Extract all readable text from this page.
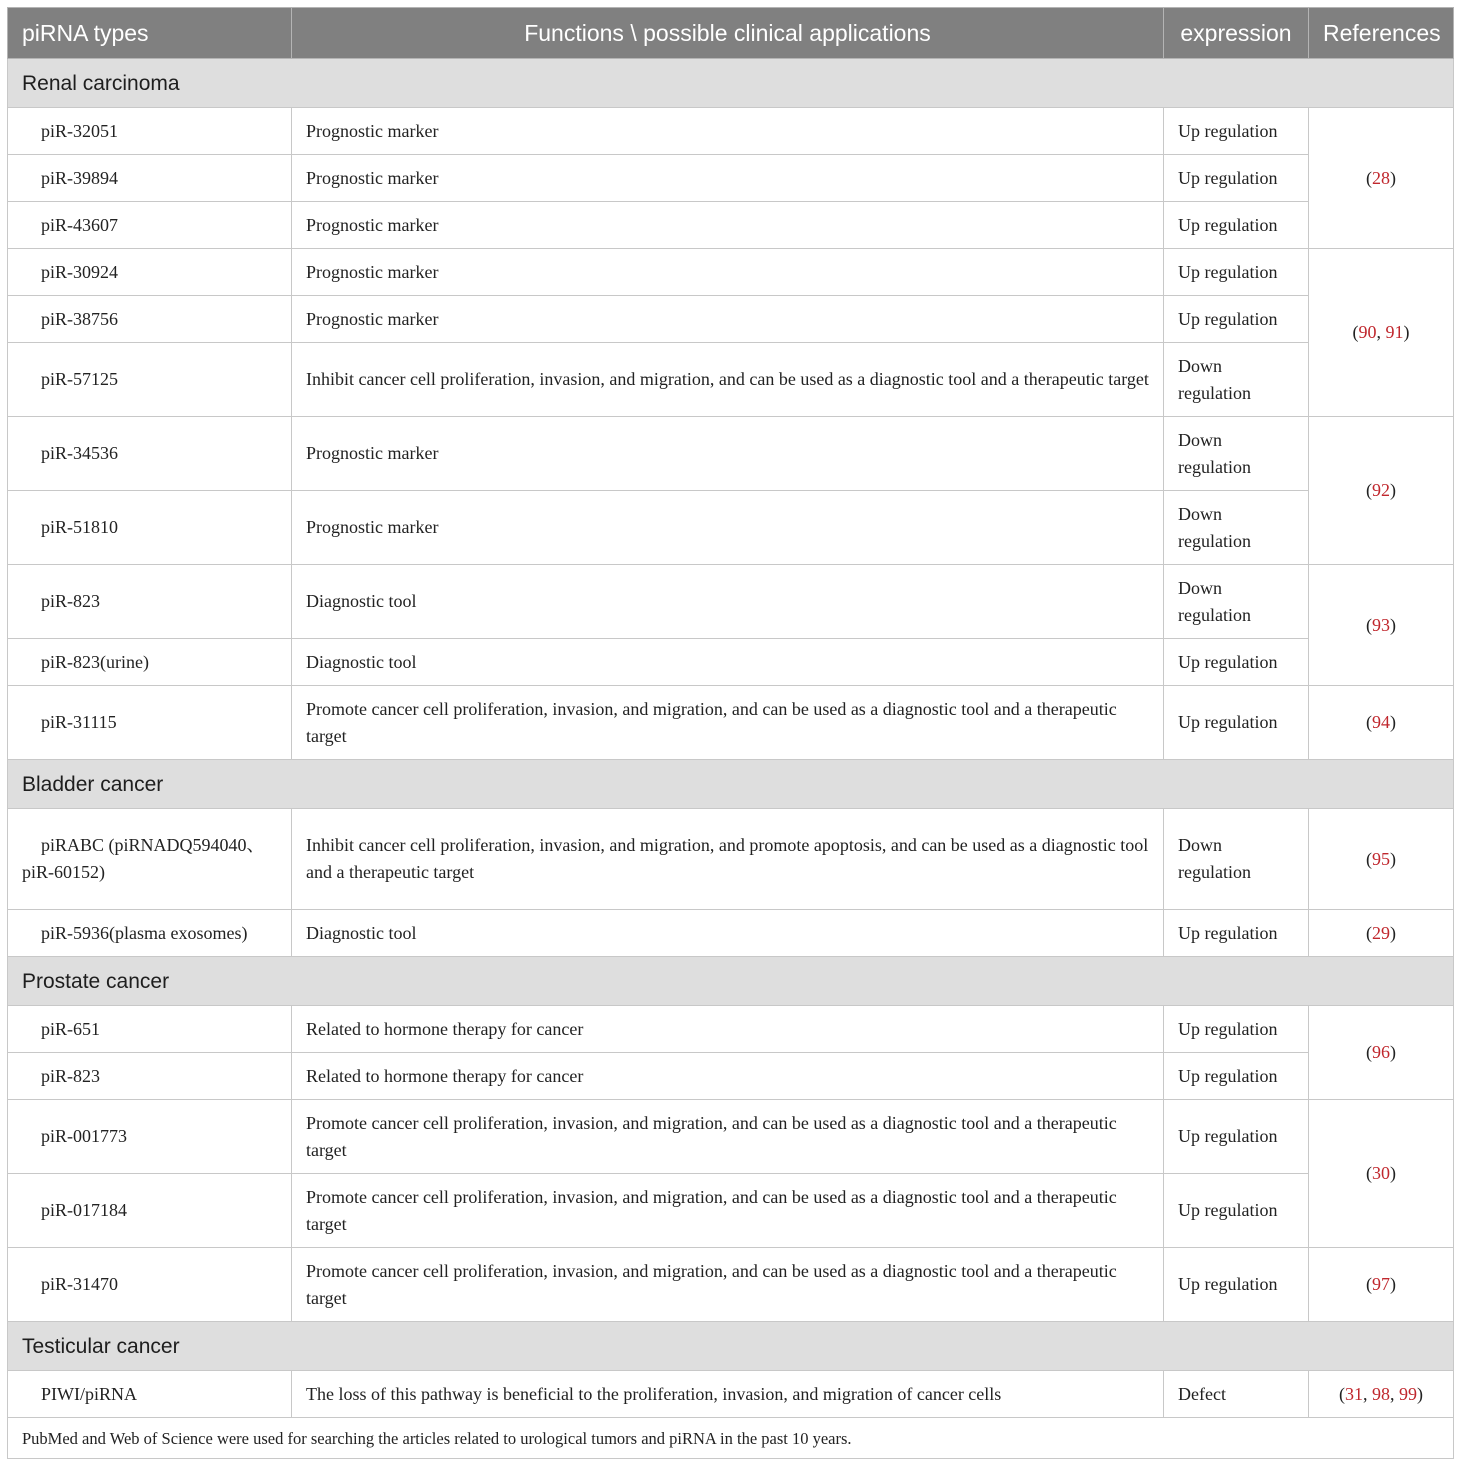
piRNA types	Functions \ possible clinical applications	expression	References
Renal carcinoma			
piR-32051	Prognostic marker	Up regulation	(28)
piR-39894	Prognostic marker	Up regulation	
piR-43607	Prognostic marker	Up regulation	
piR-30924	Prognostic marker	Up regulation	(90, 91)
piR-38756	Prognostic marker	Up regulation	
piR-57125	Inhibit cancer cell proliferation, invasion, and migration, and can be used as a diagnostic tool and a therapeutic target	Down regulation	
piR-34536	Prognostic marker	Down regulation	(92)
piR-51810	Prognostic marker	Down regulation	
piR-823	Diagnostic tool	Down regulation	(93)
piR-823(urine)	Diagnostic tool	Up regulation	
piR-31115	Promote cancer cell proliferation, invasion, and migration, and can be used as a diagnostic tool and a therapeutic target	Up regulation	(94)
Bladder cancer			
piRABC (piRNADQ594040、piR-60152)	Inhibit cancer cell proliferation, invasion, and migration, and promote apoptosis, and can be used as a diagnostic tool and a therapeutic target	Down regulation	(95)
piR-5936(plasma exosomes)	Diagnostic tool	Up regulation	(29)
Prostate cancer			
piR-651	Related to hormone therapy for cancer	Up regulation	(96)
piR-823	Related to hormone therapy for cancer	Up regulation	
piR-001773	Promote cancer cell proliferation, invasion, and migration, and can be used as a diagnostic tool and a therapeutic target	Up regulation	(30)
piR-017184	Promote cancer cell proliferation, invasion, and migration, and can be used as a diagnostic tool and a therapeutic target	Up regulation	
piR-31470	Promote cancer cell proliferation, invasion, and migration, and can be used as a diagnostic tool and a therapeutic target	Up regulation	(97)
Testicular cancer			
PIWI/piRNA	The loss of this pathway is beneficial to the proliferation, invasion, and migration of cancer cells	Defect	(31, 98, 99)
PubMed and Web of Science were used for searching the articles related to urological tumors and piRNA in the past 10 years.			
